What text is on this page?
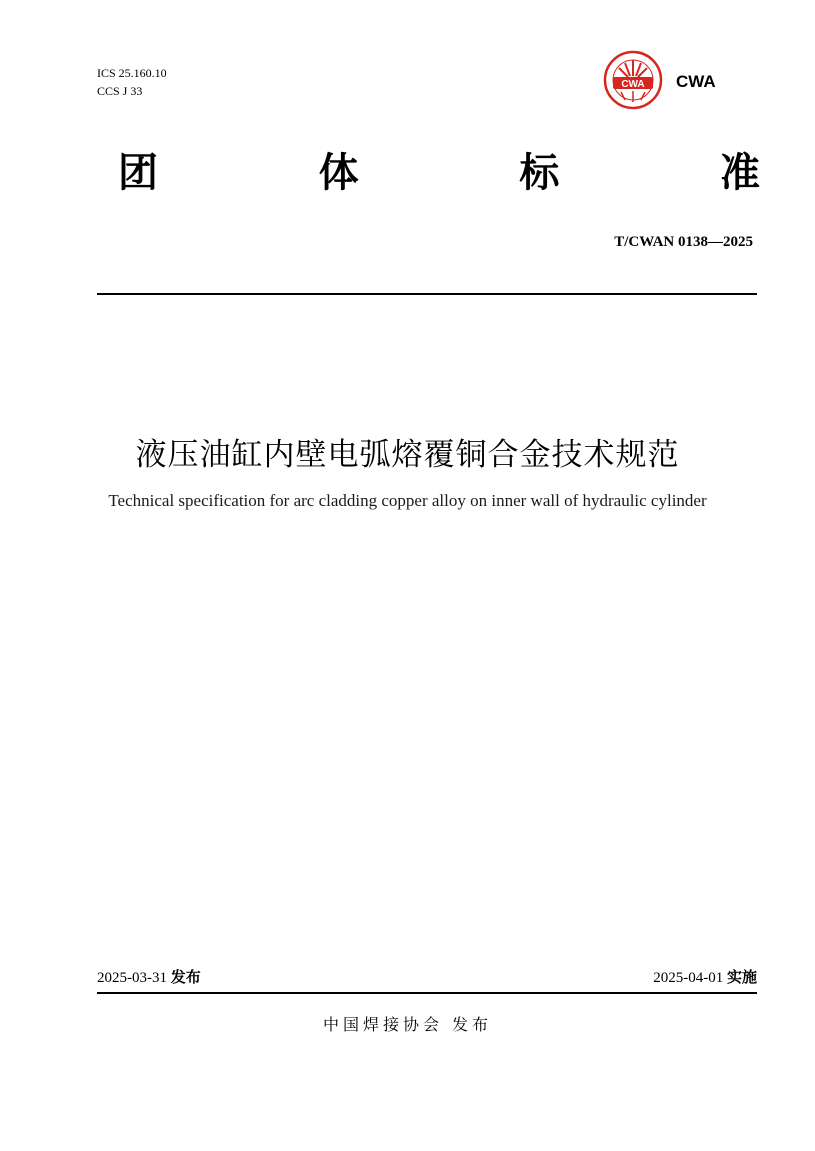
ICS 25.160.10
CCS J 33	CWA CWA
团	体	标	准
T/CWAN 0138—2025
液压油缸内壁电弧熔覆铜合金技术规范
Technical specification for arc cladding copper alloy on inner wall of hydraulic cylinder
2025-03-31 发布	2025-04-01 实施
中国焊接协会 发布
